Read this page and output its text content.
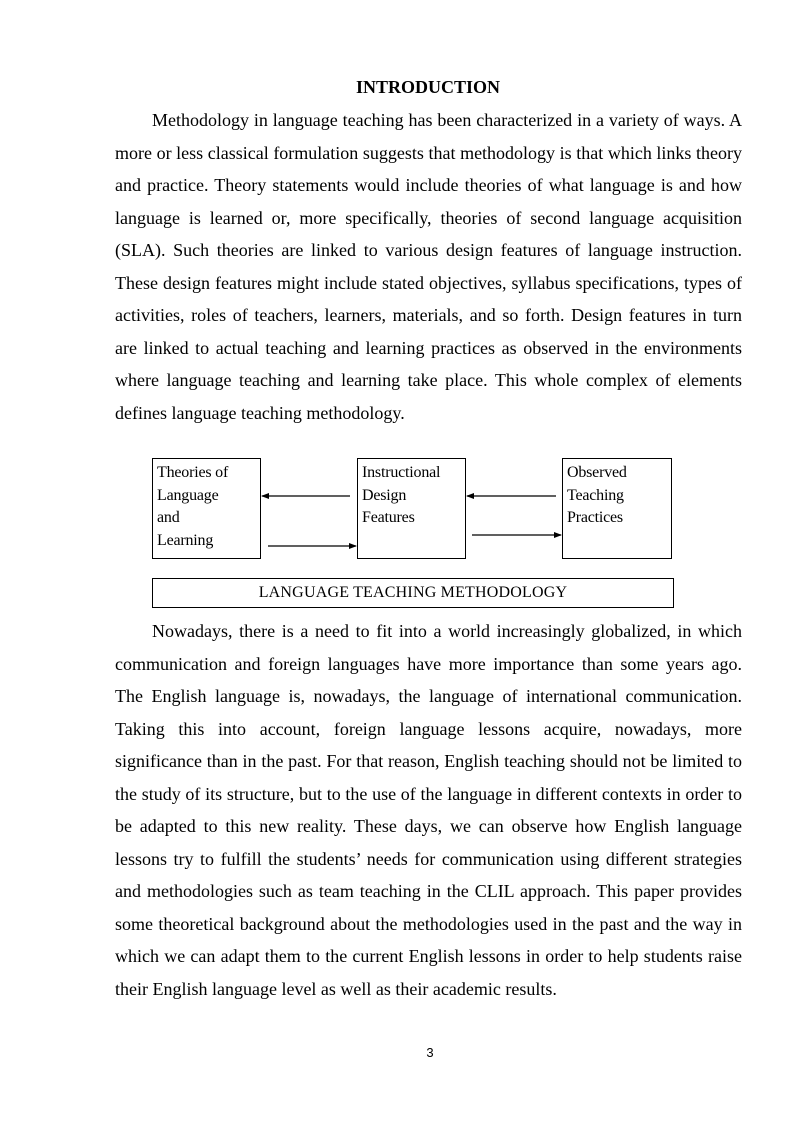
INTRODUCTION

Methodology in language teaching has been characterized in a variety of ways. A more or less classical formulation suggests that methodology is that which links theory and practice. Theory statements would include theories of what language is and how language is learned or, more specifically, theories of second language acquisition (SLA). Such theories are linked to various design features of language instruction. These design features might include stated objectives, syllabus specifications, types of activities, roles of teachers, learners, materials, and so forth. Design features in turn are linked to actual teaching and learning practices as observed in the environments where language teaching and learning take place. This whole complex of elements defines language teaching methodology.

Theories of
Language
and
Learning
Instructional
Design
Features
Observed
Teaching
Practices
LANGUAGE TEACHING METHODOLOGY

Nowadays, there is a need to fit into a world increasingly globalized, in which communication and foreign languages have more importance than some years ago. The English language is, nowadays, the language of international communication. Taking this into account, foreign language lessons acquire, nowadays, more significance than in the past. For that reason, English teaching should not be limited to the study of its structure, but to the use of the language in different contexts in order to be adapted to this new reality. These days, we can observe how English language lessons try to fulfill the students’ needs for communication using different strategies and methodologies such as team teaching in the CLIL approach. This paper provides some theoretical background about the methodologies used in the past and the way in which we can adapt them to the current English lessons in order to help students raise their English language level as well as their academic results.

3
